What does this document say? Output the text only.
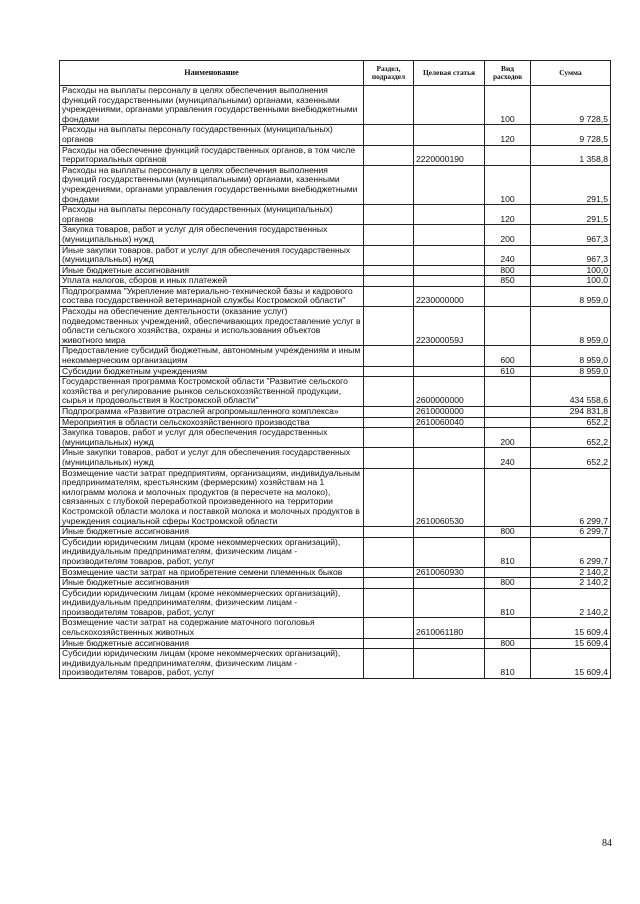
Наименование	Раздел, подраздел	Целевая статья	Вид расходов	Сумма
Расходы на выплаты персоналу в целях обеспечения выполнения функций государственными (муниципальными) органами, казенными учреждениями, органами управления государственными внебюджетными фондами			100	9 728,5
Расходы на выплаты персоналу государственных (муниципальных) органов			120	9 728,5
Расходы на обеспечение функций государственных органов, в том числе территориальных органов		2220000190		1 358,8
Расходы на выплаты персоналу в целях обеспечения выполнения функций государственными (муниципальными) органами, казенными учреждениями, органами управления государственными внебюджетными фондами			100	291,5
Расходы на выплаты персоналу государственных (муниципальных) органов			120	291,5
Закупка товаров, работ и услуг для обеспечения государственных (муниципальных) нужд			200	967,3
Иные закупки товаров, работ и услуг для обеспечения государственных (муниципальных) нужд			240	967,3
Иные бюджетные ассигнования			800	100,0
Уплата налогов, сборов и иных платежей			850	100,0
Подпрограмма "Укрепление материально-технической базы и кадрового состава государственной ветеринарной службы Костромской области"		2230000000		8 959,0
Расходы на обеспечение деятельности (оказание услуг) подведомственных учреждений, обеспечивающих предоставление услуг в области сельского хозяйства, охраны и использования объектов животного мира		223000059J		8 959,0
Предоставление субсидий бюджетным, автономным учреждениям и иным некоммерческим организациям			600	8 959,0
Субсидии бюджетным учреждениям			610	8 959,0
Государственная программа Костромской области "Развитие сельского хозяйства и регулирование рынков сельскохозяйственной продукции, сырья и продовольствия в Костромской области"		2600000000		434 558,6
Подпрограмма «Развитие отраслей агропромышленного комплекса»		2610000000		294 831,8
Мероприятия в области сельскохозяйственного производства		2610060040		652,2
Закупка товаров, работ и услуг для обеспечения государственных (муниципальных) нужд			200	652,2
Иные закупки товаров, работ и услуг для обеспечения государственных (муниципальных) нужд			240	652,2
Возмещение части затрат предприятиям, организациям, индивидуальным предпринимателям, крестьянским (фермерским) хозяйствам на 1 килограмм молока и молочных продуктов (в пересчете на молоко), связанных с глубокой переработкой произведенного на территории Костромской области молока и поставкой молока и молочных продуктов в учреждения социальной сферы Костромской области		2610060530		6 299,7
Иные бюджетные ассигнования			800	6 299,7
Субсидии юридическим лицам (кроме некоммерческих организаций), индивидуальным предпринимателям, физическим лицам - производителям товаров, работ, услуг			810	6 299,7
Возмещение части затрат на приобретение семени племенных быков		2610060930		2 140,2
Иные бюджетные ассигнования			800	2 140,2
Субсидии юридическим лицам (кроме некоммерческих организаций), индивидуальным предпринимателям, физическим лицам - производителям товаров, работ, услуг			810	2 140,2
Возмещение части затрат на содержание маточного поголовья сельскохозяйственных животных		2610061180		15 609,4
Иные бюджетные ассигнования			800	15 609,4
Субсидии юридическим лицам (кроме некоммерческих организаций), индивидуальным предпринимателям, физическим лицам - производителям товаров, работ, услуг			810	15 609,4
84
